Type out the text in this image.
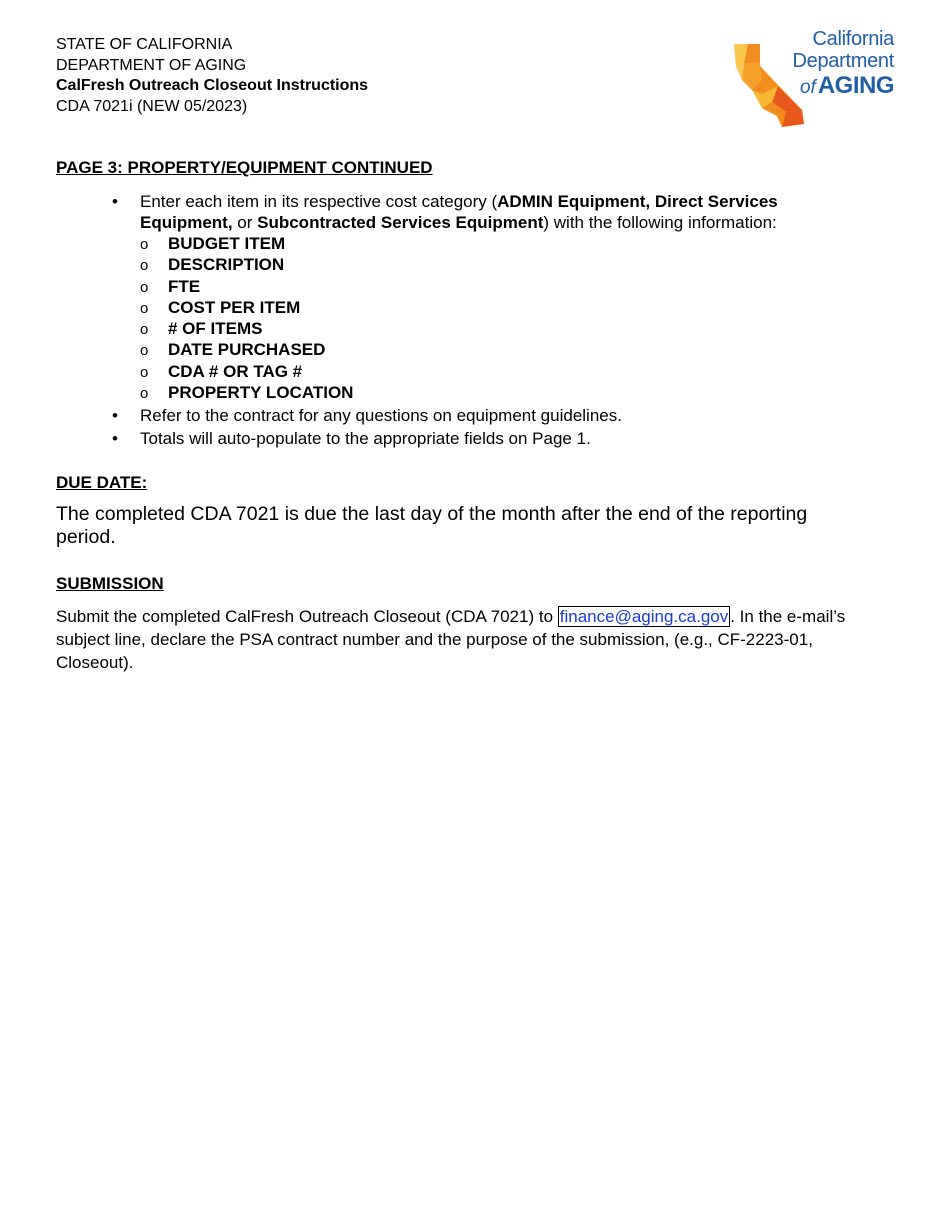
STATE OF CALIFORNIA
DEPARTMENT OF AGING
CalFresh Outreach Closeout Instructions
CDA 7021i (NEW 05/2023)
California
Department
ofAGING
PAGE 3: PROPERTY/EQUIPMENT CONTINUED
• Enter each item in its respective cost category (ADMIN Equipment, Direct Services Equipment, or Subcontracted Services Equipment) with the following information:
o BUDGET ITEM
o DESCRIPTION
o FTE
o COST PER ITEM
o # OF ITEMS
o DATE PURCHASED
o CDA # OR TAG #
o PROPERTY LOCATION
• Refer to the contract for any questions on equipment guidelines.
• Totals will auto-populate to the appropriate fields on Page 1.
DUE DATE:
The completed CDA 7021 is due the last day of the month after the end of the reporting period.
SUBMISSION
Submit the completed CalFresh Outreach Closeout (CDA 7021) to finance@aging.ca.gov . In the e-mail’s subject line, declare the PSA contract number and the purpose of the submission, (e.g., CF-2223-01, Closeout).
